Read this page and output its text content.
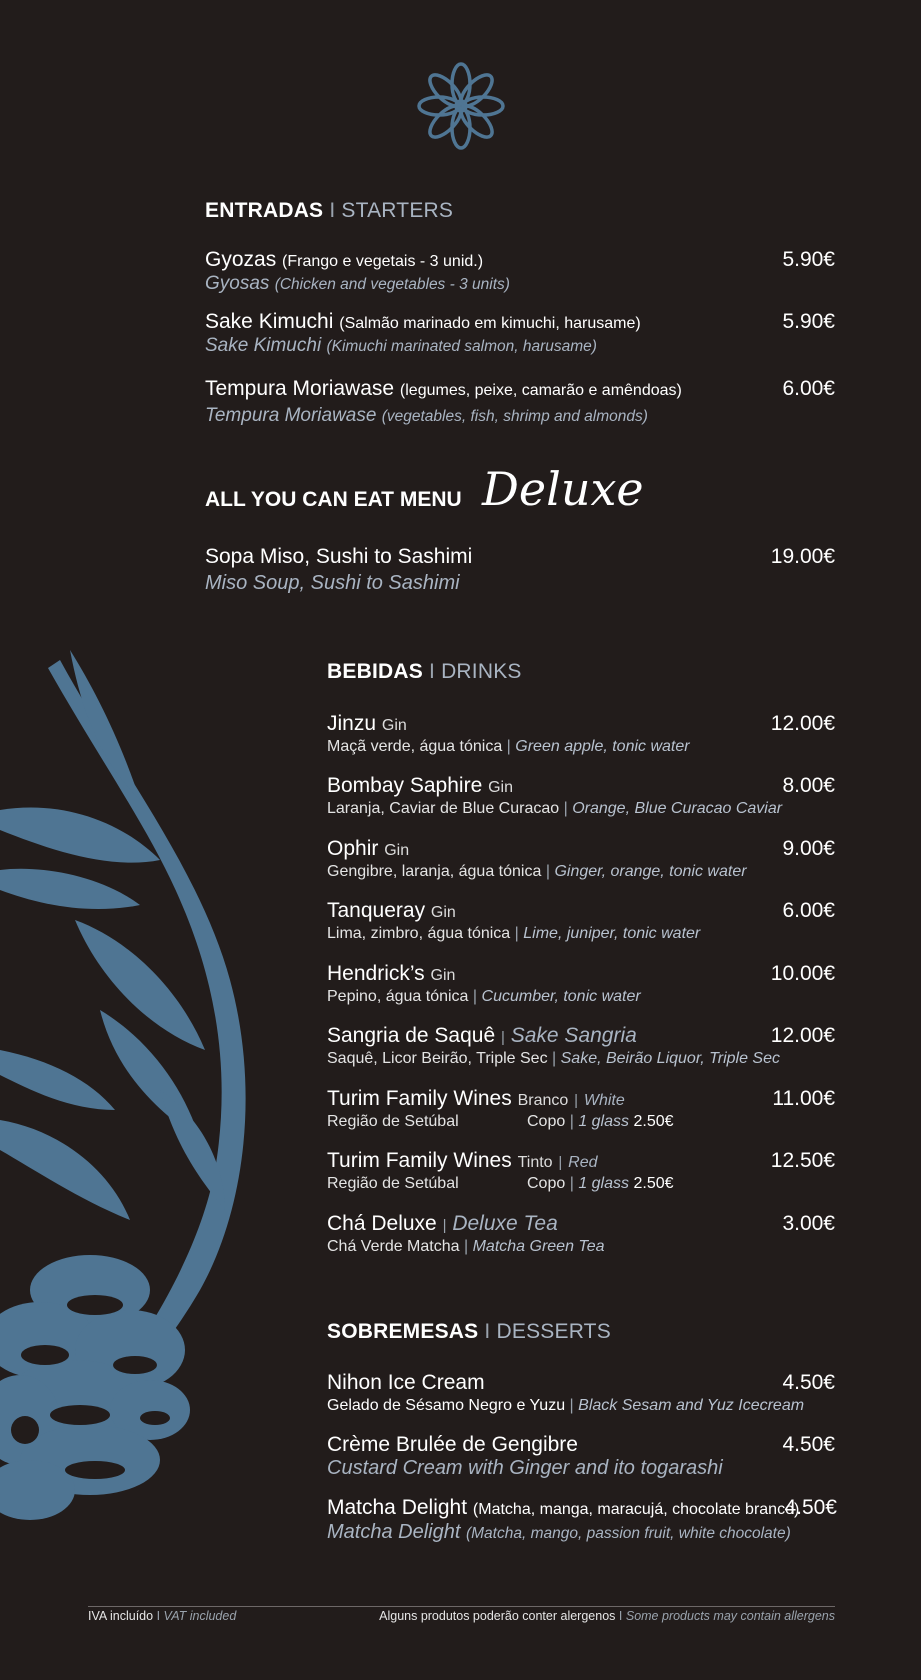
ENTRADAS I STARTERS
Gyozas (Frango e vegetais - 3 unid.)
Gyosas (Chicken and vegetables - 3 units)
5.90€
Sake Kimuchi (Salmão marinado em kimuchi, harusame)
Sake Kimuchi (Kimuchi marinated salmon, harusame)
5.90€
Tempura Moriawase (legumes, peixe, camarão e amêndoas)
Tempura Moriawase (vegetables, fish, shrimp and almonds)
6.00€
ALL YOU CAN EAT MENU Deluxe
Sopa Miso, Sushi to Sashimi
Miso Soup, Sushi to Sashimi
19.00€
BEBIDAS I DRINKS
Jinzu Gin
Maçã verde, água tónica | Green apple, tonic water
12.00€
Bombay Saphire Gin
Laranja, Caviar de Blue Curacao | Orange, Blue Curacao Caviar
8.00€
Ophir Gin
Gengibre, laranja, água tónica | Ginger, orange, tonic water
9.00€
Tanqueray Gin
Lima, zimbro, água tónica | Lime, juniper, tonic water
6.00€
Hendrick’s Gin
Pepino, água tónica | Cucumber, tonic water
10.00€
Sangria de Saquê | Sake Sangria
Saquê, Licor Beirão, Triple Sec | Sake, Beirão Liquor, Triple Sec
12.00€
Turim Family Wines Branco | White
Região de Setúbal	Copo | 1 glass 2.50€
11.00€
Turim Family Wines Tinto | Red
Região de Setúbal	Copo | 1 glass 2.50€
12.50€
Chá Deluxe | Deluxe Tea
Chá Verde Matcha | Matcha Green Tea
3.00€
SOBREMESAS I DESSERTS
Nihon Ice Cream
Gelado de Sésamo Negro e Yuzu | Black Sesam and Yuz Icecream
4.50€
Crème Brulée de Gengibre
Custard Cream with Ginger and ito togarashi
4.50€
Matcha Delight (Matcha, manga, maracujá, chocolate branco)
Matcha Delight (Matcha, mango, passion fruit, white chocolate)
4.50€
IVA incluído I VAT included	Alguns produtos poderão conter alergenos I Some products may contain allergens
